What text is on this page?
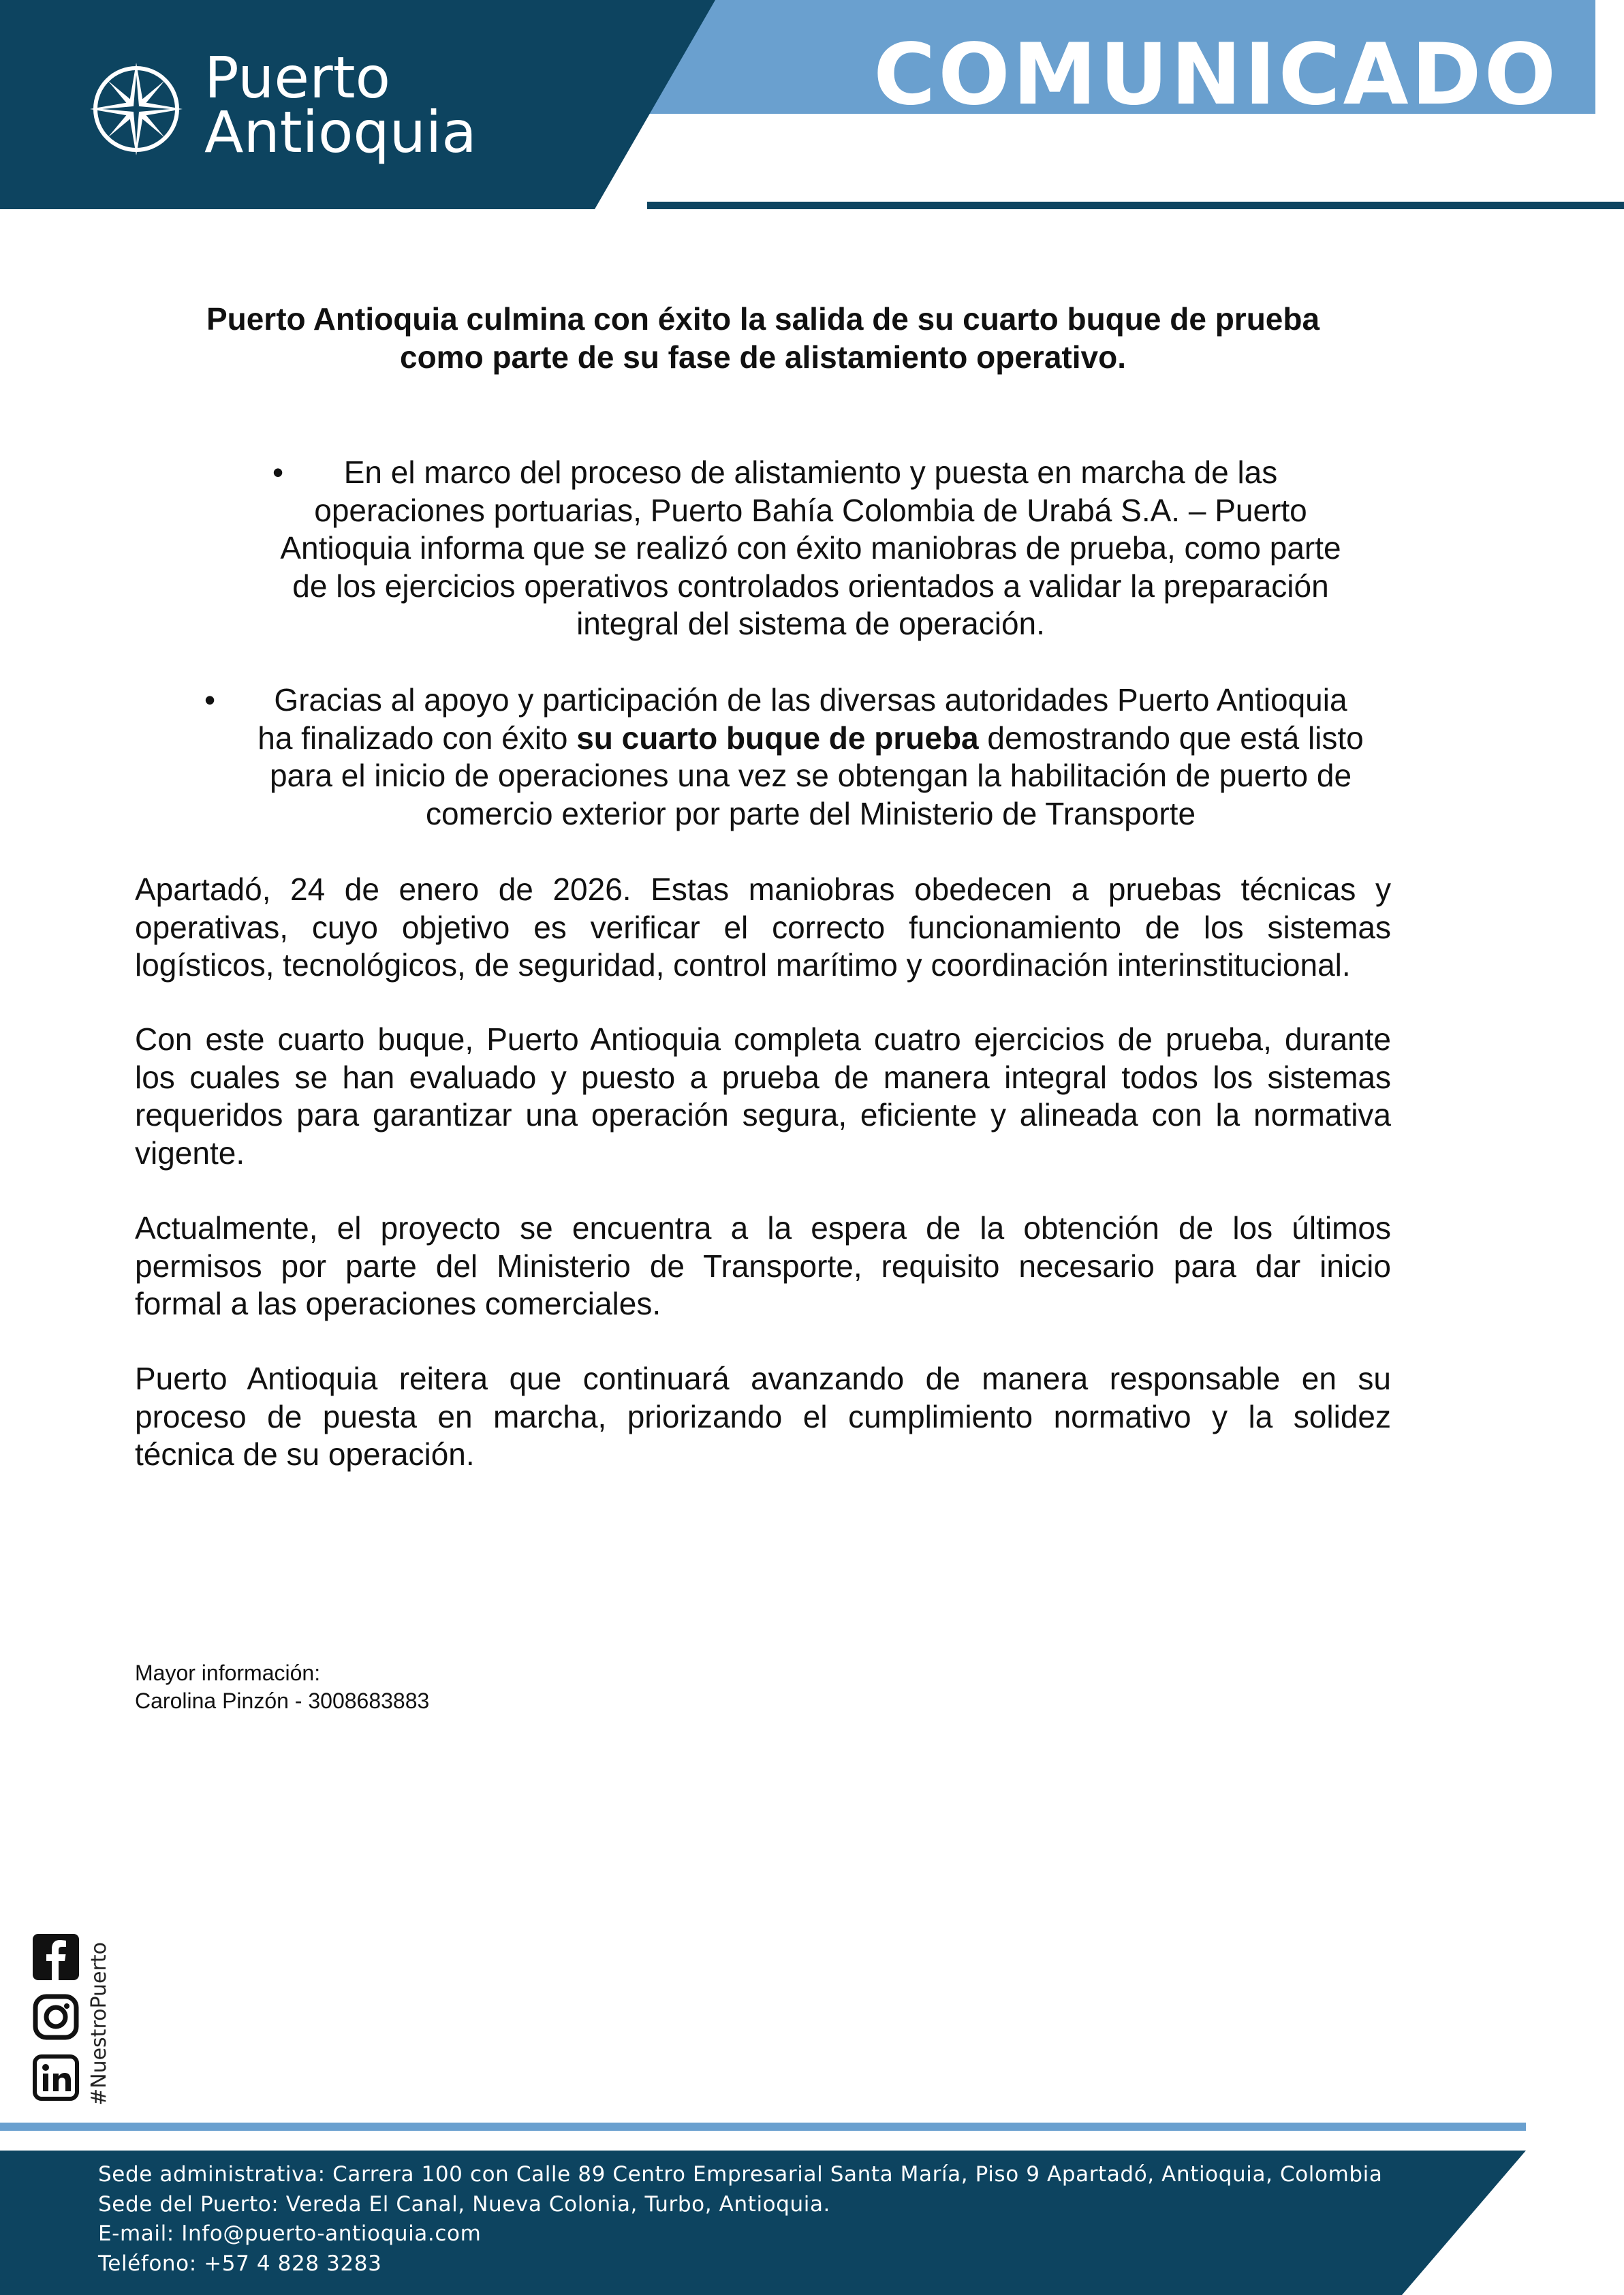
Puerto
Antioquia
COMUNICADO
Puerto Antioquia culmina con éxito la salida de su cuarto buque de prueba
como parte de su fase de alistamiento operativo.
•	En el marco del proceso de alistamiento y puesta en marcha de las
operaciones portuarias, Puerto Bahía Colombia de Urabá S.A. – Puerto
Antioquia informa que se realizó con éxito maniobras de prueba, como parte
de los ejercicios operativos controlados orientados a validar la preparación
integral del sistema de operación.
•	Gracias al apoyo y participación de las diversas autoridades Puerto Antioquia
ha finalizado con éxito su cuarto buque de prueba demostrando que está listo
para el inicio de operaciones una vez se obtengan la habilitación de puerto de
comercio exterior por parte del Ministerio de Transporte
Apartadó, 24 de enero de 2026. Estas maniobras obedecen a pruebas técnicas y
operativas, cuyo objetivo es verificar el correcto funcionamiento de los sistemas
logísticos, tecnológicos, de seguridad, control marítimo y coordinación interinstitucional.
Con este cuarto buque, Puerto Antioquia completa cuatro ejercicios de prueba, durante
los cuales se han evaluado y puesto a prueba de manera integral todos los sistemas
requeridos para garantizar una operación segura, eficiente y alineada con la normativa
vigente.
Actualmente, el proyecto se encuentra a la espera de la obtención de los últimos
permisos por parte del Ministerio de Transporte, requisito necesario para dar inicio
formal a las operaciones comerciales.
Puerto Antioquia reitera que continuará avanzando de manera responsable en su
proceso de puesta en marcha, priorizando el cumplimiento normativo y la solidez
técnica de su operación.
Mayor información:
Carolina Pinzón - 3008683883
#NuestroPuerto
Sede administrativa: Carrera 100 con Calle 89 Centro Empresarial Santa María, Piso 9 Apartadó, Antioquia, Colombia
Sede del Puerto: Vereda El Canal, Nueva Colonia, Turbo, Antioquia.
E-mail: Info@puerto-antioquia.com
Teléfono: +57 4 828 3283
